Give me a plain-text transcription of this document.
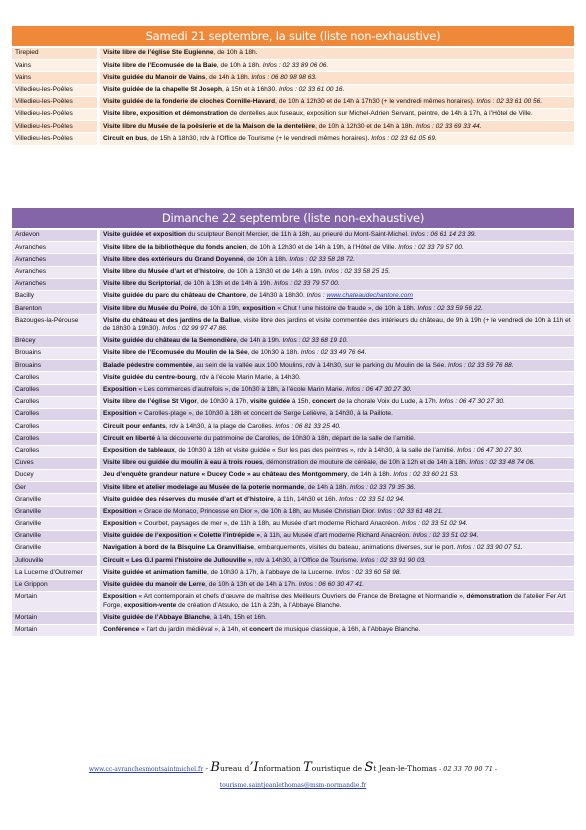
Samedi 21 septembre, la suite (liste non-exhaustive)
Tirepied	Visite libre de l’église Ste Eugienne, de 10h à 18h.
Vains	Visite libre de l’Ecomusée de la Baie, de 10h à 18h. Infos : 02 33 89 06 06.
Vains	Visite guidée du Manoir de Vains, de 14h à 18h. Infos : 06 80 98 98 63.
Villedieu-les-Poêles	Visite guidée de la chapelle St Joseph, à 15h et à 16h30. Infos : 02 33 61 00 16.
Villedieu-les-Poêles	Visite guidée de la fonderie de cloches Cornille-Havard, de 10h à 12h30 et de 14h à 17h30 (+ le vendredi mêmes horaires). Infos : 02 33 61 00 56.
Villedieu-les-Poêles	Visite libre, exposition et démonstration de dentelles aux fuseaux, exposition sur Michel-Adrien Servant, peintre, de 14h à 17h, à l’Hôtel de Ville.
Villedieu-les-Poêles	Visite libre du Musée de la poëslerie et de la Maison de la dentelière, de 10h à 12h30 et de 14h à 18h. Infos : 02 33 69 33 44.
Villedieu-les-Poêles	Circuit en bus, de 15h à 18h30, rdv à l’Office de Tourisme (+ le vendredi mêmes horaires). Infos : 02 33 61 05 69.
Dimanche 22 septembre (liste non-exhaustive)
Ardevon	Visite guidée et exposition du sculpteur Benoit Mercier, de 11h à 18h, au prieuré du Mont-Saint-Michel. Infos : 06 61 14 23 39.
Avranches	Visite libre de la bibliothèque du fonds ancien, de 10h à 12h30 et de 14h à 19h, à l’Hôtel de Ville. Infos : 02 33 79 57 00.
Avranches	Visite libre des extérieurs du Grand Doyenné, de 10h à 18h. Infos : 02 33 58 28 72.
Avranches	Visite libre du Musée d’art et d’histoire, de 10h à 13h30 et de 14h à 19h. Infos : 02 33 58 25 15.
Avranches	Visite libre du Scriptorial, de 10h à 13h et de 14h à 19h. Infos : 02 33 79 57 00.
Bacilly	Visite guidée du parc du château de Chantore, de 14h30 à 18h30. Infos : www.chateaudechantore.com
Barenton	Visite libre du Musée du Poiré, de 10h à 19h, exposition « Chut ! une histoire de fraude », de 10h à 18h. Infos : 02 33 59 56 22.
Bazouges-la-Pérouse	Visite du château et des jardins de la Ballue, visite libre des jardins et visite commentée des intérieurs du château, de 9h à 19h (+ le vendredi de 10h à 11h et de 18h30 à 19h30). Infos : 02 99 97 47 86.
Brécey	Visite guidée du château de la Semondière, de 14h à 19h. Infos : 02 33 68 19 10.
Brouains	Visite libre de l’Ecomusée du Moulin de la Sée, de 10h30 à 18h. Infos : 02 33 49 76 64.
Brouains	Balade pédestre commentée, au sein de la vallée aux 100 Moulins, rdv à 14h30, sur le parking du Moulin de la Sée. Infos : 02 33 59 76 88.
Carolles	Visite guidée du centre-bourg, rdv à l’école Marin Marie, à 14h30.
Carolles	Exposition « Les commerces d’autrefois », de 10h30 à 18h, à l’école Marin Marie. Infos : 06 47 30 27 30.
Carolles	Visite libre de l’église St Vigor, de 10h30 à 17h, visite guidée à 15h, concert de la chorale Voix du Lude, à 17h. Infos : 06 47 30 27 30.
Carolles	Exposition « Carolles-plage », de 10h30 à 18h et concert de Serge Lelièvre, à 14h30, à la Paillote.
Carolles	Circuit pour enfants, rdv à 14h30, à la plage de Carolles. Infos : 06 81 33 25 40.
Carolles	Circuit en liberté à la découverte du patrimoine de Carolles, de 10h30 à 18h, départ de la salle de l’amitié.
Carolles	Exposition de tableaux, de 10h30 à 18h et visite guidée « Sur les pas des peintres », rdv à 14h30, à la salle de l’amitié. Infos : 06 47 30 27 30.
Cuves	Visite libre ou guidée du moulin à eau à trois roues, démonstration de mouture de céréale, de 10h à 12h et de 14h à 18h. Infos : 02 33 48 74 06.
Ducey	Jeu d’enquête grandeur nature « Ducey Code » au château des Montgommery, de 14h à 18h. Infos : 02 33 60 21 53.
Ger	Visite libre et atelier modelage au Musée de la poterie normande, de 14h à 18h. Infos : 02 33 79 35 36.
Granville	Visite guidée des réserves du musée d’art et d’histoire, à 11h, 14h30 et 16h. Infos : 02 33 51 02 94.
Granville	Exposition « Grace de Monaco, Princesse en Dior », de 10h à 18h, au Musée Christian Dior. Infos : 02 33 61 48 21.
Granville	Exposition « Courbet, paysages de mer », de 11h à 18h, au Musée d’art moderne Richard Anacréon. Infos : 02 33 51 02 94.
Granville	Visite guidée de l’exposition « Colette l’intrépide », à 11h, au Musée d’art moderne Richard Anacréon. Infos : 02 33 51 02 94.
Granville	Navigation à bord de la Bisquine La Granvillaise, embarquements, visites du bateau, animations diverses, sur le port. Infos : 02 33 90 07 51.
Jullouville	Circuit « Les G.I parmi l’histoire de Jullouville », rdv à 14h30, à l’Office de Tourisme. Infos : 02 33 91 90 03.
La Lucerne d’Outremer	Visite guidée et animation famille, de 10h30 à 17h, à l’abbaye de la Lucerne. Infos : 02 33 60 58 98.
Le Grippon	Visite guidée du manoir de Lerre, de 10h à 13h et de 14h à 17h. Infos : 06 60 30 47 41.
Mortain	Exposition « Art contemporain et chefs d’œuvre de maîtrise des Meilleurs Ouvriers de France de Bretagne et Normandie », démonstration de l’atelier Fer Art Forge, exposition-vente de création d’Atsuko, de 11h à 23h, à l’Abbaye Blanche.
Mortain	Visite guidée de l’Abbaye Blanche, à 14h, 15h et 16h.
Mortain	Conférence « l’art du jardin médiéval », à 14h, et concert de musique classique, à 16h, à l’Abbaye Blanche.
www.cc-avranchesmontsaintmichel.fr - Bureau d’Information Touristique de St Jean-le-Thomas - 02 33 70 90 71 -
tourisme.saintjeanlethomas@msm-normandie.fr
